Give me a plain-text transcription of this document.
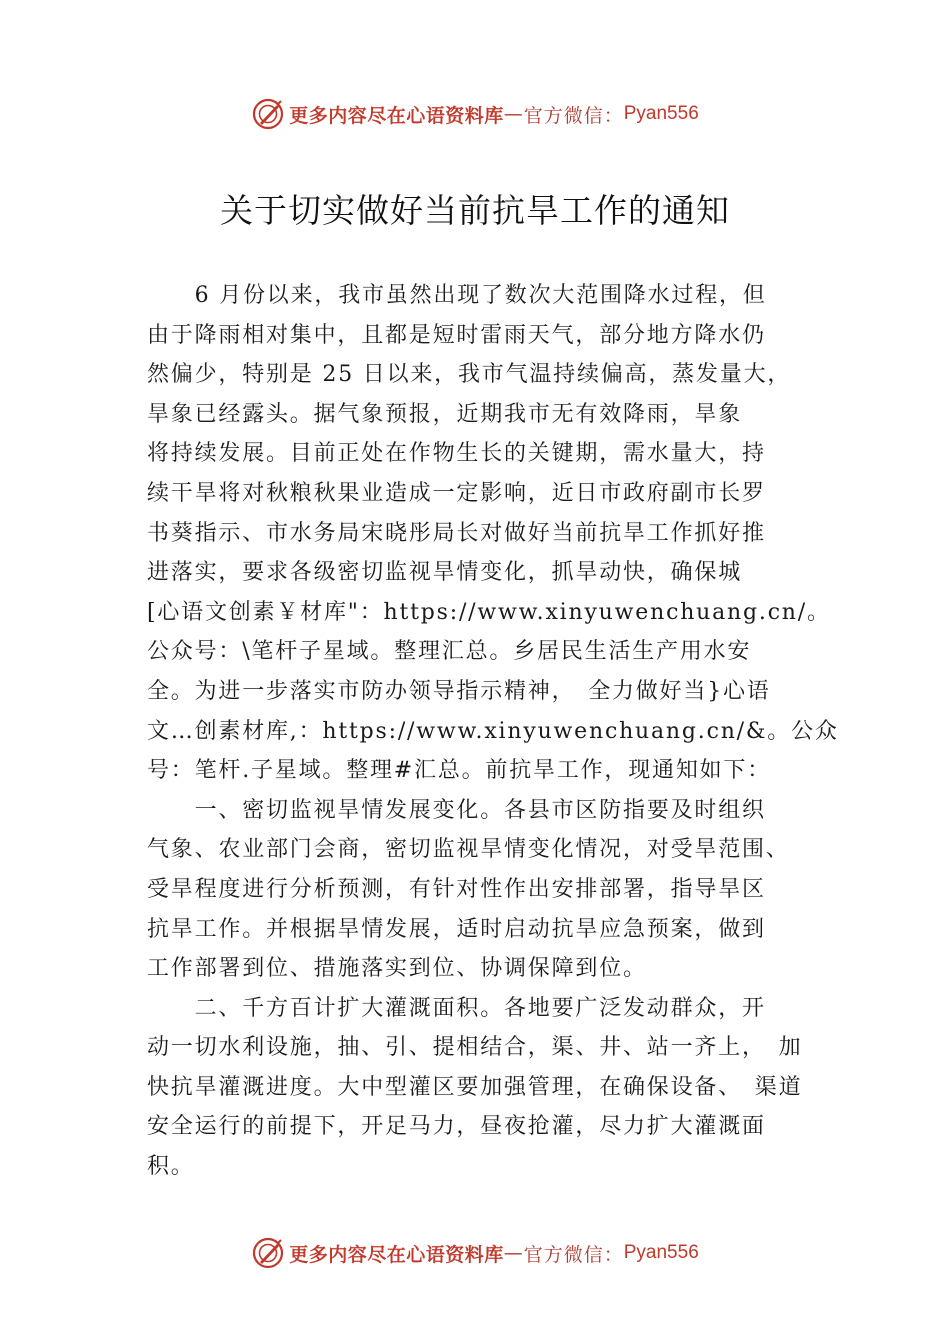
更多内容尽在心语资料库 — 官方微信： Pyan556
关于切实做好当前抗旱工作的通知
　　6 月份以来，我市虽然出现了数次大范围降水过程，但
由于降雨相对集中，且都是短时雷雨天气，部分地方降水仍
然偏少，特别是 25 日以来，我市气温持续偏高，蒸发量大，
旱象已经露头。据气象预报，近期我市无有效降雨，旱象
将持续发展。目前正处在作物生长的关键期，需水量大，持
续干旱将对秋粮秋果业造成一定影响，近日市政府副市长罗
书葵指示、市水务局宋晓彤局长对做好当前抗旱工作抓好推
进落实，要求各级密切监视旱情变化，抓旱动快，确保城
[心语文创素￥材库"：https://www.xinyuwenchuang.cn/。
公众号：\笔杆子星域。整理汇总。乡居民生活生产用水安
全。为进一步落实市防办领导指示精神，　全力做好当}心语
文…创素材库,：https://www.xinyuwenchuang.cn/&。公众
号：笔杆.子星域。整理#汇总。前抗旱工作，现通知如下：
　　一、密切监视旱情发展变化。各县市区防指要及时组织
气象、农业部门会商，密切监视旱情变化情况，对受旱范围、
受旱程度进行分析预测，有针对性作出安排部署，指导旱区
抗旱工作。并根据旱情发展，适时启动抗旱应急预案，做到
工作部署到位、措施落实到位、协调保障到位。
　　二、千方百计扩大灌溉面积。各地要广泛发动群众，开
动一切水利设施，抽、引、提相结合，渠、井、站一齐上，　加
快抗旱灌溉进度。大中型灌区要加强管理，在确保设备、　渠道
安全运行的前提下，开足马力，昼夜抢灌，尽力扩大灌溉面
积。
更多内容尽在心语资料库 — 官方微信： Pyan556
